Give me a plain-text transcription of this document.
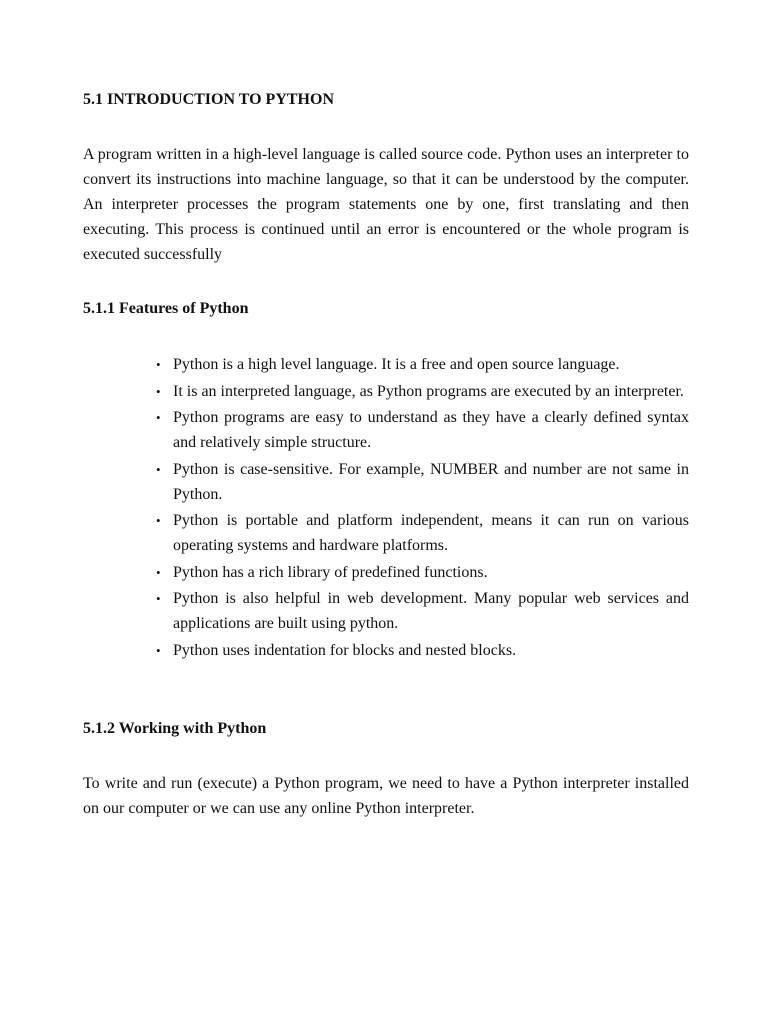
5.1 INTRODUCTION TO PYTHON

A program written in a high-level language is called source code. Python uses an interpreter to convert its instructions into machine language, so that it can be understood by the computer. An interpreter processes the program statements one by one, first translating and then executing. This process is continued until an error is encountered or the whole program is executed successfully

5.1.1 Features of Python
• Python is a high level language. It is a free and open source language.
• It is an interpreted language, as Python programs are executed by an interpreter.
• Python programs are easy to understand as they have a clearly defined syntax and relatively simple structure.
• Python is case-sensitive. For example, NUMBER and number are not same in Python.
• Python is portable and platform independent, means it can run on various operating systems and hardware platforms.
• Python has a rich library of predefined functions.
• Python is also helpful in web development. Many popular web services and applications are built using python.
• Python uses indentation for blocks and nested blocks.
5.1.2 Working with Python

To write and run (execute) a Python program, we need to have a Python interpreter installed on our computer or we can use any online Python interpreter.
